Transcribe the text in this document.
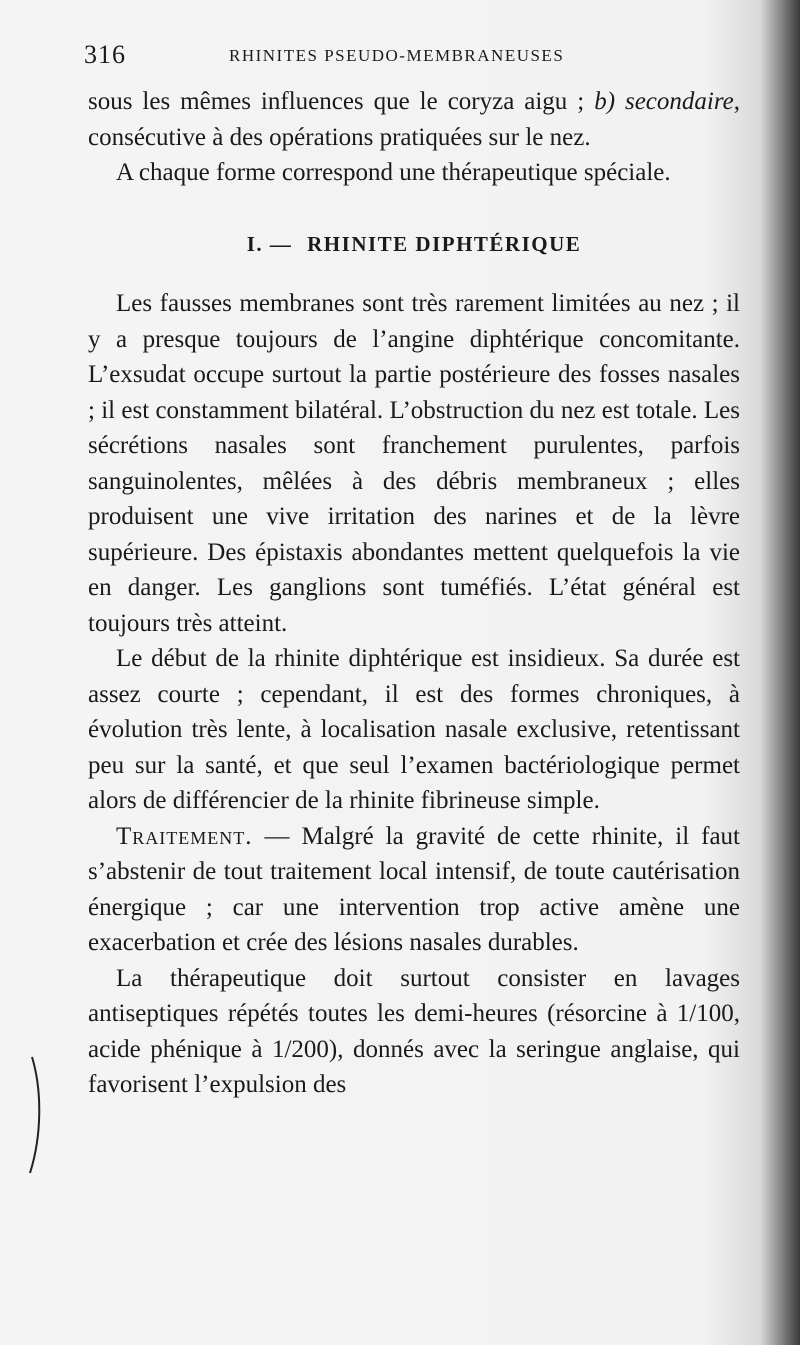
316	RHINITES PSEUDO-MEMBRANEUSES

sous les mêmes influences que le coryza aigu ; b) secondaire, consécutive à des opérations pratiquées sur le nez.

A chaque forme correspond une thérapeutique spéciale.

I. — RHINITE DIPHTÉRIQUE

Les fausses membranes sont très rarement limitées au nez ; il y a presque toujours de l’angine diphtérique concomitante. L’exsudat occupe surtout la partie postérieure des fosses nasales ; il est constamment bilatéral. L’obstruction du nez est totale. Les sécrétions nasales sont franchement purulentes, parfois sanguinolentes, mêlées à des débris membraneux ; elles produisent une vive irritation des narines et de la lèvre supérieure. Des épistaxis abondantes mettent quelquefois la vie en danger. Les ganglions sont tuméfiés. L’état général est toujours très atteint.

Le début de la rhinite diphtérique est insidieux. Sa durée est assez courte ; cependant, il est des formes chroniques, à évolution très lente, à localisation nasale exclusive, retentissant peu sur la santé, et que seul l’examen bactériologique permet alors de différencier de la rhinite fibrineuse simple.

Traitement. — Malgré la gravité de cette rhinite, il faut s’abstenir de tout traitement local intensif, de toute cautérisation énergique ; car une intervention trop active amène une exacerbation et crée des lésions nasales durables.

La thérapeutique doit surtout consister en lavages antiseptiques répétés toutes les demi-heures (résorcine à 1/100, acide phénique à 1/200), donnés avec la seringue anglaise, qui favorisent l’expulsion des
